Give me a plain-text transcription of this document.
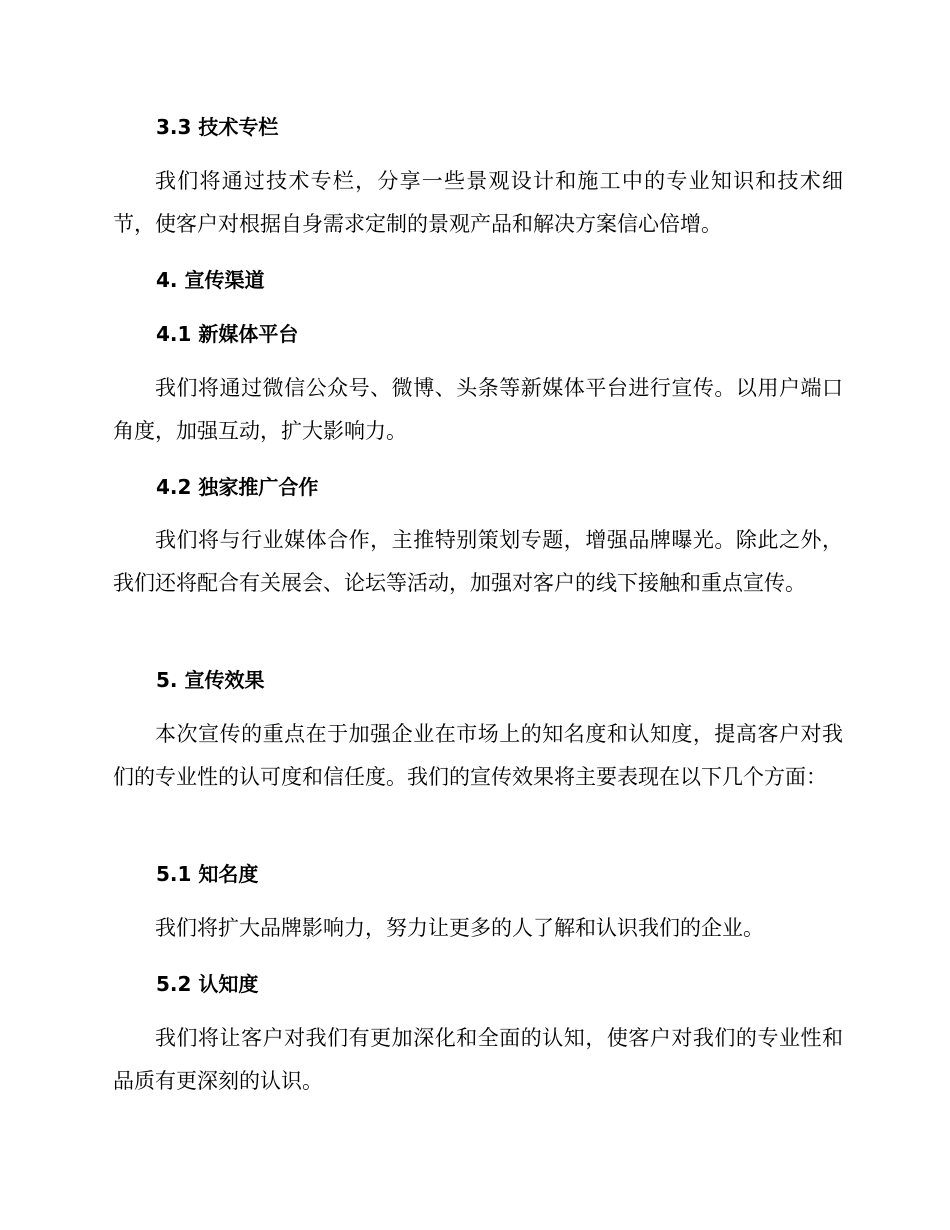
3.3 技术专栏

我们将通过技术专栏，分享一些景观设计和施工中的专业知识和技术细节，使客户对根据自身需求定制的景观产品和解决方案信心倍增。

4. 宣传渠道
4.1 新媒体平台

我们将通过微信公众号、微博、头条等新媒体平台进行宣传。以用户端口角度，加强互动，扩大影响力。

4.2 独家推广合作

我们将与行业媒体合作，主推特别策划专题，增强品牌曝光。除此之外，我们还将配合有关展会、论坛等活动，加强对客户的线下接触和重点宣传。

5. 宣传效果

本次宣传的重点在于加强企业在市场上的知名度和认知度，提高客户对我们的专业性的认可度和信任度。我们的宣传效果将主要表现在以下几个方面：

5.1 知名度

我们将扩大品牌影响力，努力让更多的人了解和认识我们的企业。

5.2 认知度

我们将让客户对我们有更加深化和全面的认知，使客户对我们的专业性和品质有更深刻的认识。
